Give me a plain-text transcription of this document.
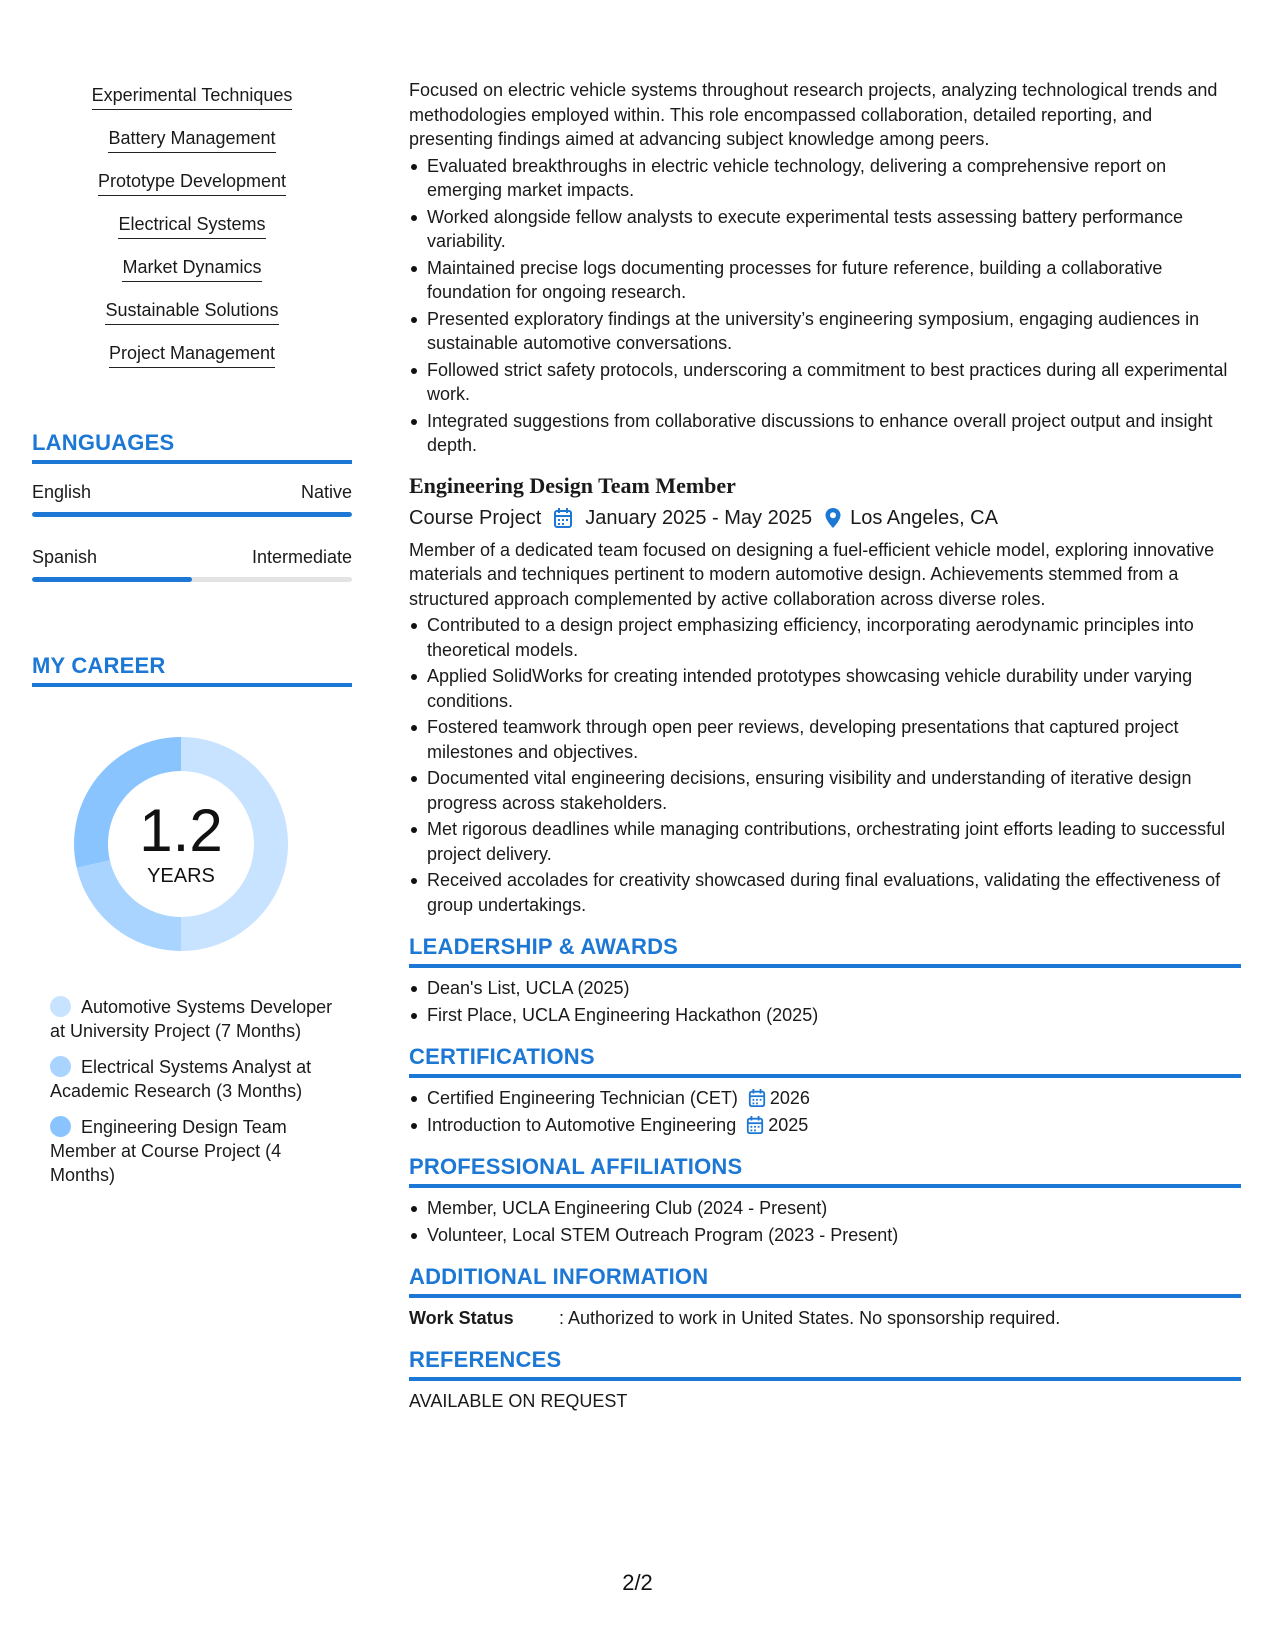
Experimental Techniques
Battery Management
Prototype Development
Electrical Systems
Market Dynamics
Sustainable Solutions
Project Management
LANGUAGES
English	Native
Spanish	Intermediate
MY CAREER
1.2
YEARS
Automotive Systems Developer at University Project (7 Months)
Electrical Systems Analyst at Academic Research (3 Months)
Engineering Design Team Member at Course Project (4 Months)

Focused on electric vehicle systems throughout research projects, analyzing technological trends and methodologies employed within. This role encompassed collaboration, detailed reporting, and presenting findings aimed at advancing subject knowledge among peers.

Evaluated breakthroughs in electric vehicle technology, delivering a comprehensive report on emerging market impacts.
Worked alongside fellow analysts to execute experimental tests assessing battery performance variability.
Maintained precise logs documenting processes for future reference, building a collaborative foundation for ongoing research.
Presented exploratory findings at the university’s engineering symposium, engaging audiences in sustainable automotive conversations.
Followed strict safety protocols, underscoring a commitment to best practices during all experimental work.
Integrated suggestions from collaborative discussions to enhance overall project output and insight depth.
Engineering Design Team Member
Course Project January 2025 - May 2025 Los Angeles, CA

Member of a dedicated team focused on designing a fuel-efficient vehicle model, exploring innovative materials and techniques pertinent to modern automotive design. Achievements stemmed from a structured approach complemented by active collaboration across diverse roles.

Contributed to a design project emphasizing efficiency, incorporating aerodynamic principles into theoretical models.
Applied SolidWorks for creating intended prototypes showcasing vehicle durability under varying conditions.
Fostered teamwork through open peer reviews, developing presentations that captured project milestones and objectives.
Documented vital engineering decisions, ensuring visibility and understanding of iterative design progress across stakeholders.
Met rigorous deadlines while managing contributions, orchestrating joint efforts leading to successful project delivery.
Received accolades for creativity showcased during final evaluations, validating the effectiveness of group undertakings.
LEADERSHIP & AWARDS
Dean's List, UCLA (2025)
First Place, UCLA Engineering Hackathon (2025)
CERTIFICATIONS
Certified Engineering Technician (CET) 2026
Introduction to Automotive Engineering 2025
PROFESSIONAL AFFILIATIONS
Member, UCLA Engineering Club (2024 - Present)
Volunteer, Local STEM Outreach Program (2023 - Present)
ADDITIONAL INFORMATION
Work Status	: Authorized to work in United States. No sponsorship required.
REFERENCES

AVAILABLE ON REQUEST

2/2
